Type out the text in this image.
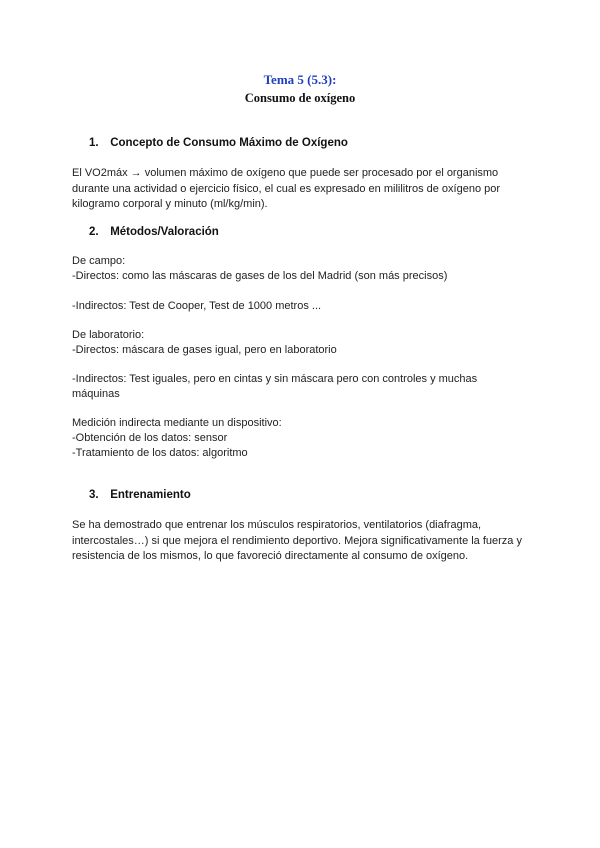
Tema 5 (5.3):
Consumo de oxígeno
1. Concepto de Consumo Máximo de Oxígeno
El VO2máx → volumen máximo de oxígeno que puede ser procesado por el organismo durante una actividad o ejercicio físico, el cual es expresado en mililitros de oxígeno por kilogramo corporal y minuto (ml/kg/min).
2. Métodos/Valoración
De campo:
-Directos: como las máscaras de gases de los del Madrid (son más precisos)
-Indirectos: Test de Cooper, Test de 1000 metros ...
De laboratorio:
-Directos: máscara de gases igual, pero en laboratorio
-Indirectos: Test iguales, pero en cintas y sin máscara pero con controles y muchas
máquinas
Medición indirecta mediante un dispositivo:
-Obtención de los datos: sensor
-Tratamiento de los datos: algoritmo
3. Entrenamiento
Se ha demostrado que entrenar los músculos respiratorios, ventilatorios (diafragma, intercostales…) si que mejora el rendimiento deportivo. Mejora significativamente la fuerza y resistencia de los mismos, lo que favoreció directamente al consumo de oxígeno.
